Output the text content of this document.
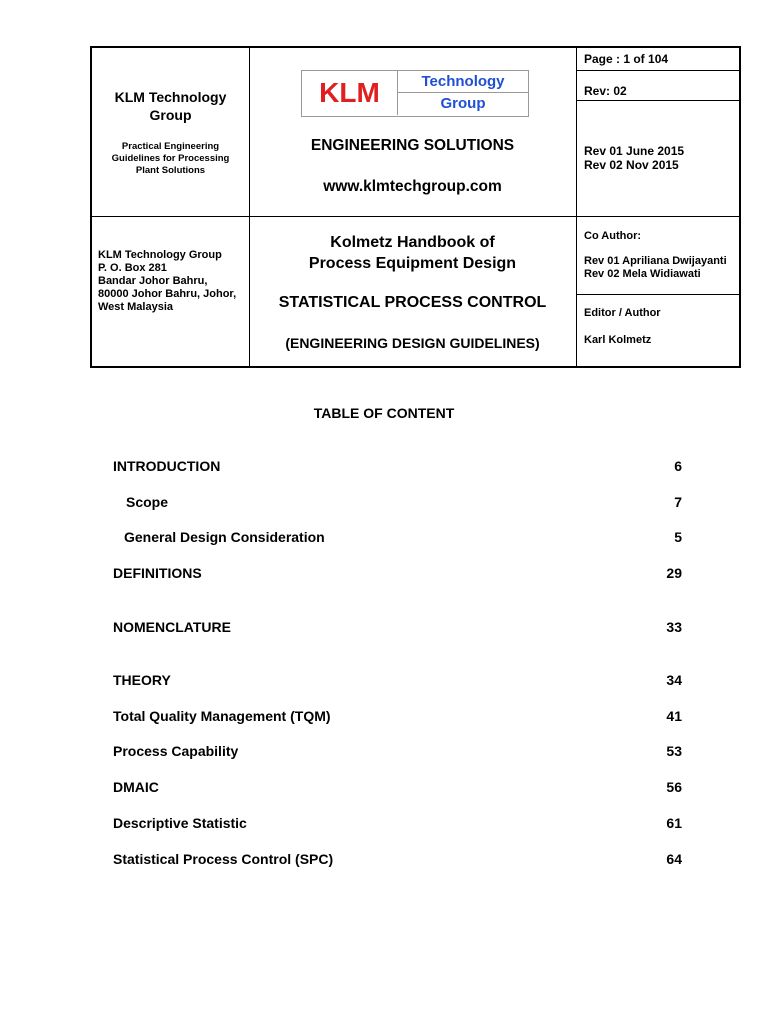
KLM Technology Group
Practical Engineering Guidelines for Processing Plant Solutions
KLM	Technology
Group
ENGINEERING SOLUTIONS
www.klmtechgroup.com
Page : 1 of 104
Rev: 02
Rev 01 June 2015
Rev 02 Nov 2015
KLM Technology Group
P. O. Box 281
Bandar Johor Bahru,
80000 Johor Bahru, Johor,
West Malaysia
Kolmetz Handbook of
Process Equipment Design
STATISTICAL PROCESS CONTROL
(ENGINEERING DESIGN GUIDELINES)
Co Author:
Rev 01 Apriliana Dwijayanti
Rev 02 Mela Widiawati
Editor / Author
Karl Kolmetz
TABLE OF CONTENT
INTRODUCTION	6
Scope	7
General Design Consideration	5
DEFINITIONS	29
NOMENCLATURE	33
THEORY	34
Total Quality Management (TQM)	41
Process Capability	53
DMAIC	56
Descriptive Statistic	61
Statistical Process Control (SPC)	64
